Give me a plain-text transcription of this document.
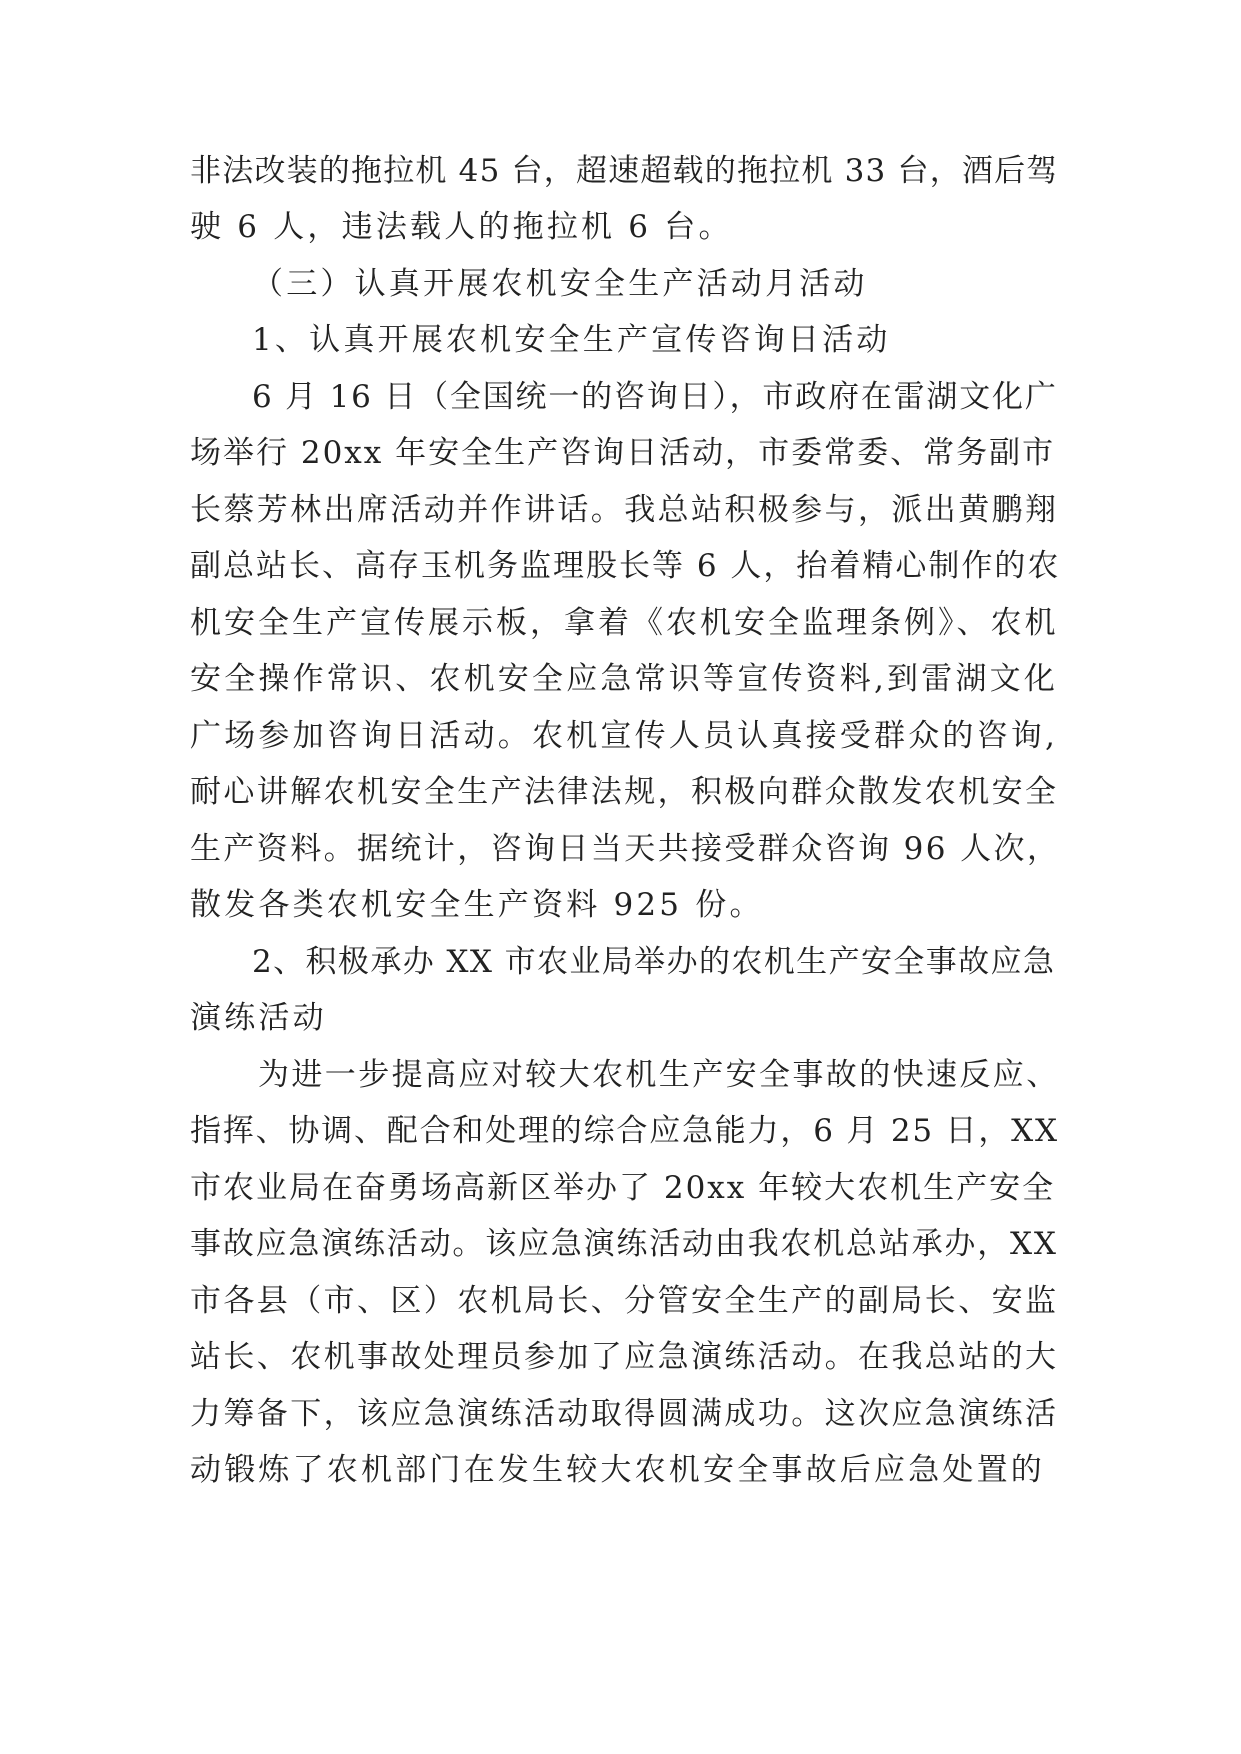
非法改装的拖拉机 45 台，超速超载的拖拉机 33 台，酒后驾
驶 6 人，违法载人的拖拉机 6 台。
（三）认真开展农机安全生产活动月活动
1、认真开展农机安全生产宣传咨询日活动
6 月 16 日（全国统一的咨询日），市政府在雷湖文化广
场举行 20xx 年安全生产咨询日活动，市委常委、常务副市
长蔡芳林出席活动并作讲话。我总站积极参与，派出黄鹏翔
副总站长、高存玉机务监理股长等 6 人，抬着精心制作的农
机安全生产宣传展示板，拿着《农机安全监理条例》、农机
安全操作常识、农机安全应急常识等宣传资料,到雷湖文化
广场参加咨询日活动。农机宣传人员认真接受群众的咨询,
耐心讲解农机安全生产法律法规，积极向群众散发农机安全
生产资料。据统计，咨询日当天共接受群众咨询 96 人次，
散发各类农机安全生产资料 925 份。
2、积极承办 XX 市农业局举办的农机生产安全事故应急
演练活动
为进一步提高应对较大农机生产安全事故的快速反应、
指挥、协调、配合和处理的综合应急能力，6 月 25 日，XX
市农业局在奋勇场高新区举办了 20xx 年较大农机生产安全
事故应急演练活动。该应急演练活动由我农机总站承办，XX
市各县（市、区）农机局长、分管安全生产的副局长、安监
站长、农机事故处理员参加了应急演练活动。在我总站的大
力筹备下，该应急演练活动取得圆满成功。这次应急演练活
动锻炼了农机部门在发生较大农机安全事故后应急处置的
